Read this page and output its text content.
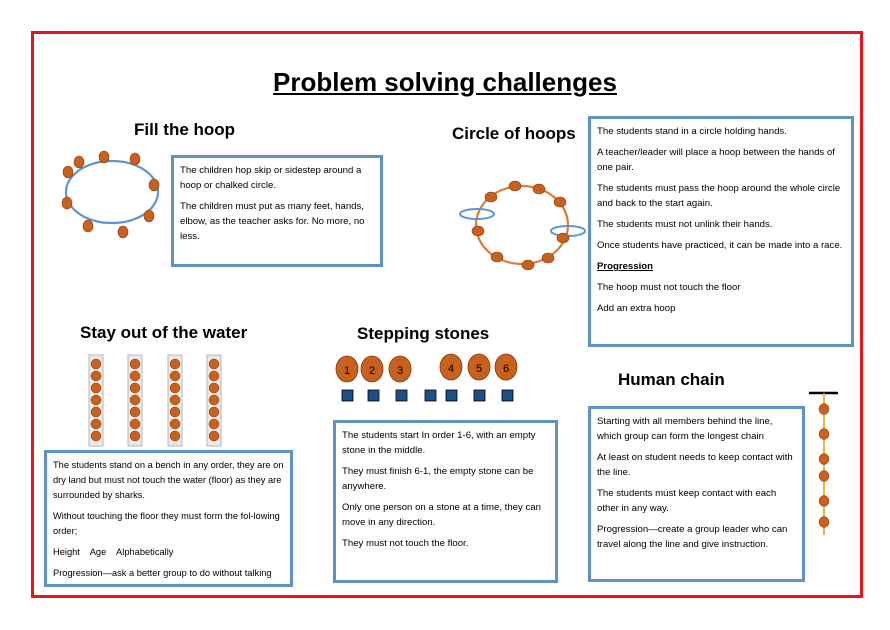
Problem solving challenges
Fill the hoop

The children hop skip or sidestep around a hoop or chalked circle.

The children must put as many feet, hands, elbow, as the teacher asks for. No more, no less.

Circle of hoops The students stand in a circle holding hands.

A teacher/leader will place a hoop between the hands of one pair.

The students must pass the hoop around the whole circle and back to the start again.

The students must not unlink their hands.

Once students have practiced, it can be made into a race.

Progression

The hoop must not touch the floor

Add an extra hoop

Stay out of the water

The students stand on a bench in any order, they are on dry land but must not touch the water (floor) as they are surrounded by sharks.

Without touching the floor they must form the fol-lowing order;

Height    Age    Alphabetically

Progression—ask a better group to do without talking

Stepping stones
1 2 3	4 5 6

The students start In order 1-6, with an empty stone in the middle.

They must finish 6-1, the empty stone can be anywhere.

Only one person on a stone at a time, they can move in any direction.

They must not touch the floor.

Human chain

Starting with all members behind the line, which group can form the longest chain

At least on student needs to keep contact with the line.

The students must keep contact with each other in any way.

Progression—create a group leader who can travel along the line and give instruction.
